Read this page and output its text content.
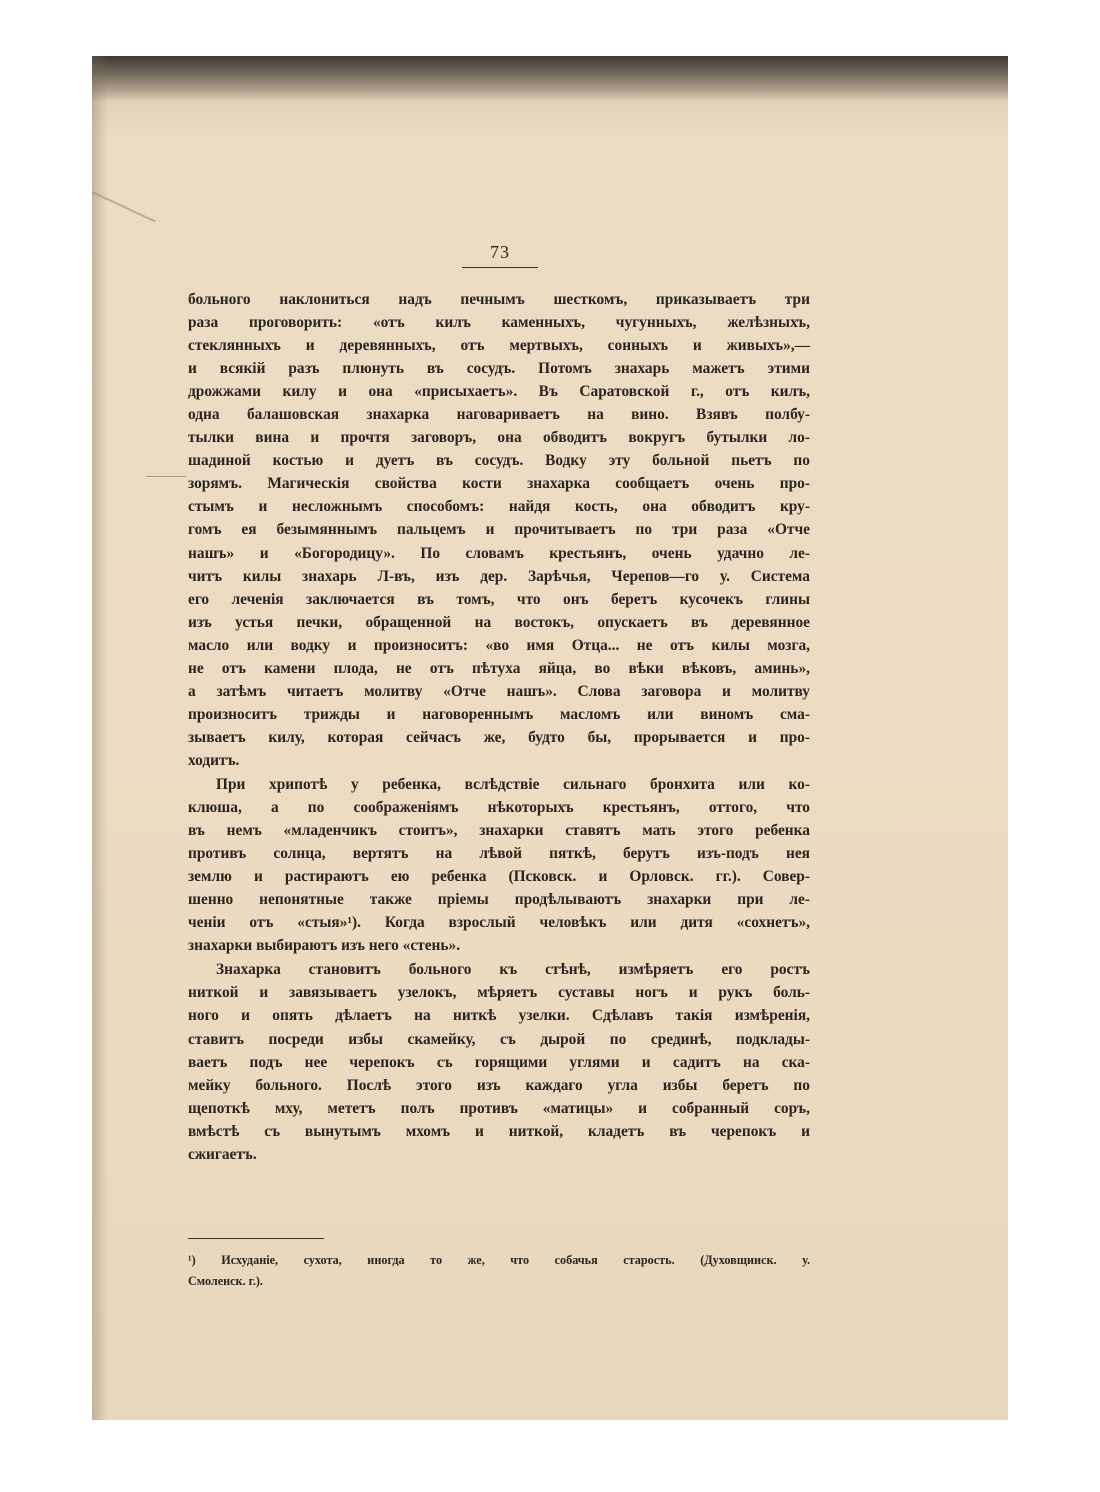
73
больного наклониться надъ печнымъ шесткомъ, приказываетъ три
раза проговорить: «отъ килъ каменныхъ, чугунныхъ, желѣзныхъ,
стеклянныхъ и деревянныхъ, отъ мертвыхъ, сонныхъ и живыхъ»,—
и всякій разъ плюнуть въ сосудъ. Потомъ знахарь мажетъ этими
дрожжами килу и она «присыхаетъ». Въ Саратовской г., отъ килъ,
одна балашовская знахарка наговариваетъ на вино. Взявъ полбу-
тылки вина и прочтя заговоръ, она обводитъ вокругъ бутылки ло-
шадиной костью и дуетъ въ сосудъ. Водку эту больной пьетъ по
зорямъ. Магическія свойства кости знахарка сообщаетъ очень про-
стымъ и несложнымъ способомъ: найдя кость, она обводитъ кру-
гомъ ея безымяннымъ пальцемъ и прочитываетъ по три раза «Отче
нашъ» и «Богородицу». По словамъ крестьянъ, очень удачно ле-
читъ килы знахарь Л-въ, изъ дер. Зарѣчья, Черепов—го у. Система
его леченія заключается въ томъ, что онъ беретъ кусочекъ глины
изъ устья печки, обращенной на востокъ, опускаетъ въ деревянное
масло или водку и произноситъ: «во имя Отца... не отъ килы мозга,
не отъ камени плода, не отъ пѣтуха яйца, во вѣки вѣковъ, аминь»,
а затѣмъ читаетъ молитву «Отче нашъ». Слова заговора и молитву
произноситъ трижды и наговореннымъ масломъ или виномъ сма-
зываетъ килу, которая сейчасъ же, будто бы, прорывается и про-
ходитъ.
При хрипотѣ у ребенка, вслѣдствіе сильнаго бронхита или ко-
клюша, а по соображеніямъ нѣкоторыхъ крестьянъ, оттого, что
въ немъ «младенчикъ стоитъ», знахарки ставятъ мать этого ребенка
противъ солнца, вертятъ на лѣвой пяткѣ, берутъ изъ-подъ нея
землю и растираютъ ею ребенка (Псковск. и Орловск. гг.). Совер-
шенно непонятные также пріемы продѣлываютъ знахарки при ле-
ченіи отъ «стыя»¹). Когда взрослый человѣкъ или дитя «сохнетъ»,
знахарки выбираютъ изъ него «стень».
Знахарка становитъ больного къ стѣнѣ, измѣряетъ его ростъ
ниткой и завязываетъ узелокъ, мѣряетъ суставы ногъ и рукъ боль-
ного и опять дѣлаетъ на ниткѣ узелки. Сдѣлавъ такія измѣренія,
ставитъ посреди избы скамейку, съ дырой по срединѣ, подклады-
ваетъ подъ нее черепокъ съ горящими углями и садитъ на ска-
мейку больного. Послѣ этого изъ каждаго угла избы беретъ по
щепоткѣ мху, мететъ полъ противъ «матицы» и собранный соръ,
вмѣстѣ съ вынутымъ мхомъ и ниткой, кладетъ въ черепокъ и
сжигаетъ.
¹) Исхуданіе, сухота, иногда то же, что собачья старость. (Духовщинск. у.
Смоленск. г.).
